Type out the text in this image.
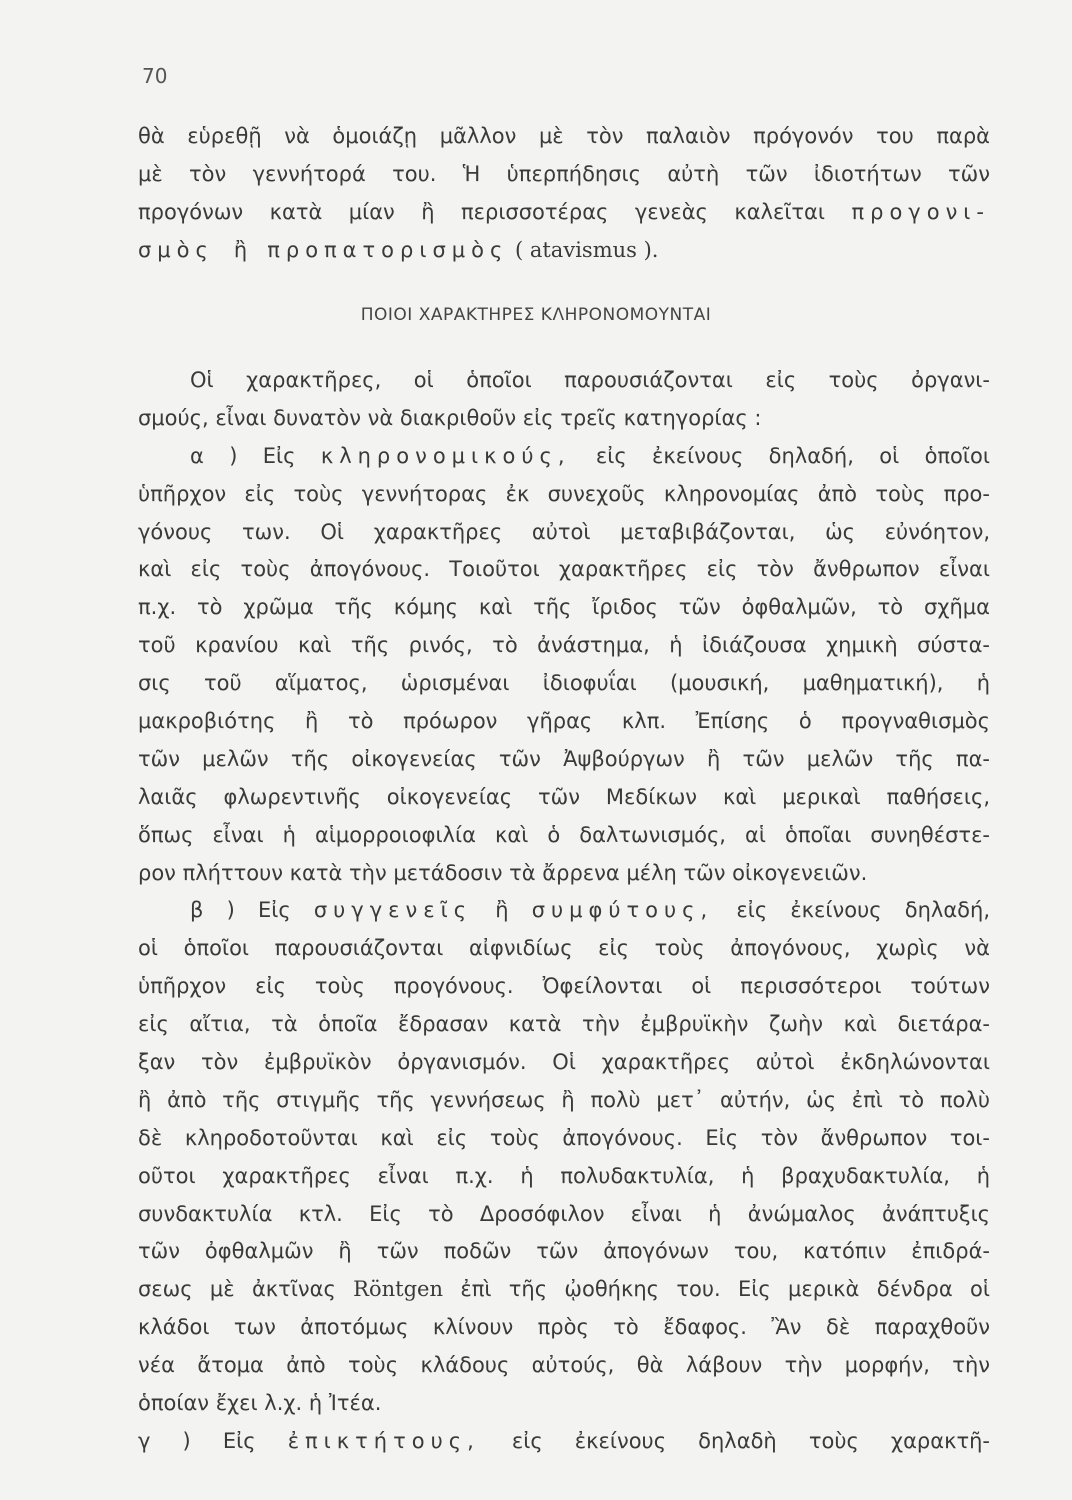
70
θὰ εὑρεθῇ νὰ ὁμοιάζῃ μᾶλλον μὲ τὸν παλαιὸν πρόγονόν του παρὰ
μὲ τὸν γεννήτορά του. Ἡ ὑπερπήδησις αὐτὴ τῶν ἰδιοτήτων τῶν
προγόνων κατὰ μίαν ἢ περισσοτέρας γενεὰς καλεῖται προγονι-
σμὸς ἢ προπατορισμὸς ( atavismus ).
ΠΟΙΟΙ ΧΑΡΑΚΤΗΡΕΣ ΚΛΗΡΟΝΟΜΟΥΝΤΑΙ
Οἱ χαρακτῆρες, οἱ ὁποῖοι παρουσιάζονται εἰς τοὺς ὀργανι-
σμούς, εἶναι δυνατὸν νὰ διακριθοῦν εἰς τρεῖς κατηγορίας :
α ) Εἰς κληρονομικούς, εἰς ἐκείνους δηλαδή, οἱ ὁποῖοι
ὑπῆρχον εἰς τοὺς γεννήτορας ἐκ συνεχοῦς κληρονομίας ἀπὸ τοὺς προ-
γόνους των. Οἱ χαρακτῆρες αὐτοὶ μεταβιβάζονται, ὡς εὐνόητον,
καὶ εἰς τοὺς ἀπογόνους. Τοιοῦτοι χαρακτῆρες εἰς τὸν ἄνθρωπον εἶναι
π.χ. τὸ χρῶμα τῆς κόμης καὶ τῆς ἴριδος τῶν ὀφθαλμῶν, τὸ σχῆμα
τοῦ κρανίου καὶ τῆς ρινός, τὸ ἀνάστημα, ἡ ἰδιάζουσα χημικὴ σύστα-
σις τοῦ αἵματος, ὡρισμέναι ἰδιοφυΐαι (μουσική, μαθηματική), ἡ
μακροβιότης ἢ τὸ πρόωρον γῆρας κλπ. Ἐπίσης ὁ προγναθισμὸς
τῶν μελῶν τῆς οἰκογενείας τῶν Ἀψβούργων ἢ τῶν μελῶν τῆς πα-
λαιᾶς φλωρεντινῆς οἰκογενείας τῶν Μεδίκων καὶ μερικαὶ παθήσεις,
ὅπως εἶναι ἡ αἱμορροιοφιλία καὶ ὁ δαλτωνισμός, αἱ ὁποῖαι συνηθέστε-
ρον πλήττουν κατὰ τὴν μετάδοσιν τὰ ἄρρενα μέλη τῶν οἰκογενειῶν.
β ) Εἰς συγγενεῖς ἢ συμφύτους, εἰς ἐκείνους δηλαδή,
οἱ ὁποῖοι παρουσιάζονται αἰφνιδίως εἰς τοὺς ἀπογόνους, χωρὶς νὰ
ὑπῆρχον εἰς τοὺς προγόνους. Ὀφείλονται οἱ περισσότεροι τούτων
εἰς αἴτια, τὰ ὁποῖα ἔδρασαν κατὰ τὴν ἐμβρυϊκὴν ζωὴν καὶ διετάρα-
ξαν τὸν ἐμβρυϊκὸν ὀργανισμόν. Οἱ χαρακτῆρες αὐτοὶ ἐκδηλώνονται
ἢ ἀπὸ τῆς στιγμῆς τῆς γεννήσεως ἢ πολὺ μετ᾽ αὐτήν, ὡς ἐπὶ τὸ πολὺ
δὲ κληροδοτοῦνται καὶ εἰς τοὺς ἀπογόνους. Εἰς τὸν ἄνθρωπον τοι-
οῦτοι χαρακτῆρες εἶναι π.χ. ἡ πολυδακτυλία, ἡ βραχυδακτυλία, ἡ
συνδακτυλία κτλ. Εἰς τὸ Δροσόφιλον εἶναι ἡ ἀνώμαλος ἀνάπτυξις
τῶν ὀφθαλμῶν ἢ τῶν ποδῶν τῶν ἀπογόνων του, κατόπιν ἐπιδρά-
σεως μὲ ἀκτῖνας Röntgen ἐπὶ τῆς ᾠοθήκης του. Εἰς μερικὰ δένδρα οἱ
κλάδοι των ἀποτόμως κλίνουν πρὸς τὸ ἔδαφος. Ἂν δὲ παραχθοῦν
νέα ἄτομα ἀπὸ τοὺς κλάδους αὐτούς, θὰ λάβουν τὴν μορφήν, τὴν
ὁποίαν ἔχει λ.χ. ἡ Ἰτέα.
γ ) Εἰς ἐπικτήτους, εἰς ἐκείνους δηλαδὴ τοὺς χαρακτῆ-
